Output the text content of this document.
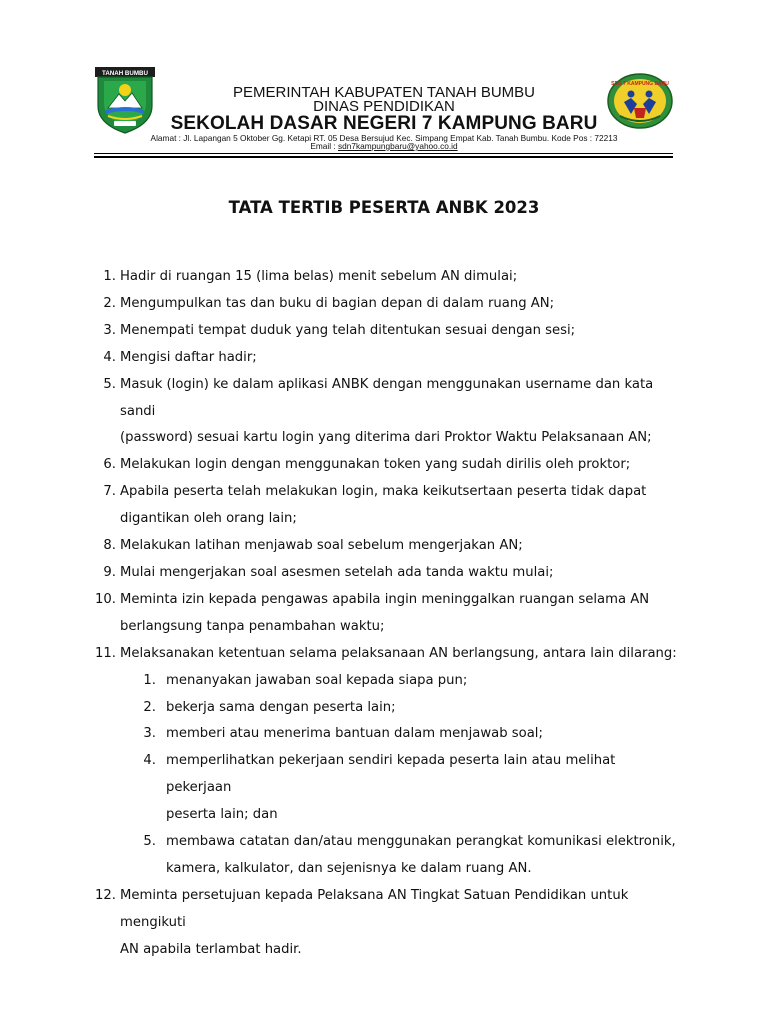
TANAH BUMBU
SDN 7 KAMPUNG BARU
PEMERINTAH KABUPATEN TANAH BUMBU
DINAS PENDIDIKAN
SEKOLAH DASAR NEGERI 7 KAMPUNG BARU
Alamat : Jl. Lapangan 5 Oktober Gg. Ketapi RT. 05 Desa Bersujud Kec. Simpang Empat Kab. Tanah Bumbu. Kode Pos : 72213
Email : sdn7kampungbaru@yahoo.co.id
TATA TERTIB PESERTA ANBK 2023
1. Hadir di ruangan 15 (lima belas) menit sebelum AN dimulai;
2. Mengumpulkan tas dan buku di bagian depan di dalam ruang AN;
3. Menempati tempat duduk yang telah ditentukan sesuai dengan sesi;
4. Mengisi daftar hadir;
5. Masuk (login) ke dalam aplikasi ANBK dengan menggunakan username dan kata sandi
(password) sesuai kartu login yang diterima dari Proktor Waktu Pelaksanaan AN;
6. Melakukan login dengan menggunakan token yang sudah dirilis oleh proktor;
7. Apabila peserta telah melakukan login, maka keikutsertaan peserta tidak dapat
digantikan oleh orang lain;
8. Melakukan latihan menjawab soal sebelum mengerjakan AN;
9. Mulai mengerjakan soal asesmen setelah ada tanda waktu mulai;
10. Meminta izin kepada pengawas apabila ingin meninggalkan ruangan selama AN
berlangsung tanpa penambahan waktu;
11. Melaksanakan ketentuan selama pelaksanaan AN berlangsung, antara lain dilarang:
1. menanyakan jawaban soal kepada siapa pun;
2. bekerja sama dengan peserta lain;
3. memberi atau menerima bantuan dalam menjawab soal;
4. memperlihatkan pekerjaan sendiri kepada peserta lain atau melihat pekerjaan
peserta lain; dan
5. membawa catatan dan/atau menggunakan perangkat komunikasi elektronik,
kamera, kalkulator, dan sejenisnya ke dalam ruang AN.
12. Meminta persetujuan kepada Pelaksana AN Tingkat Satuan Pendidikan untuk mengikuti
AN apabila terlambat hadir.
